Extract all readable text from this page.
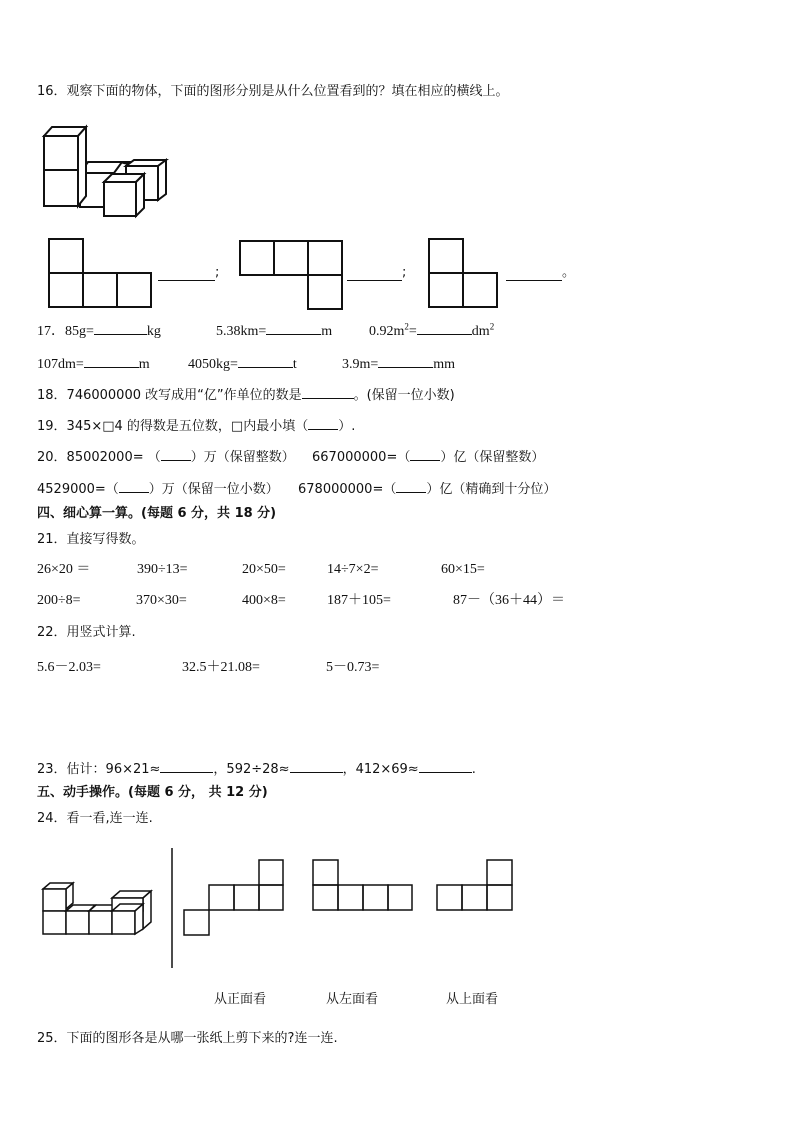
16．观察下面的物体，下面的图形分别是从什么位置看到的？填在相应的横线上。
;	;	。
17．85g=	kg	5.38km=	m	$0.92m^2=$	$dm^2$
107dm=	m	4050kg=	t	3.9m=	mm
18．746000000 改写成用“亿”作单位的数是	。(保留一位小数)
19．345×□4 的得数是五位数，□内最小填（ ）.
20．85002000= （ ）万（保留整数） 667000000=（ ）亿（保留整数）
4529000=（ ）万（保留一位小数） 678000000=（ ）亿（精确到十分位）
四、细心算一算。(每题 6 分，共 18 分)
21．直接写得数。
26×20 ＝	390÷13=	20×50=	14÷7×2=	60×15=
200÷8=	370×30=	400×8=	187＋105=	87－（36＋44）＝
22．用竖式计算.
5.6－2.03=	32.5＋21.08=	5－0.73=
23．估计：96×21≈	，592÷28≈	，412×69≈	.
五、动手操作。(每题 6 分， 共 12 分)
24．看一看,连一连.
从正面看	从左面看	从上面看
25．下面的图形各是从哪一张纸上剪下来的?连一连.
